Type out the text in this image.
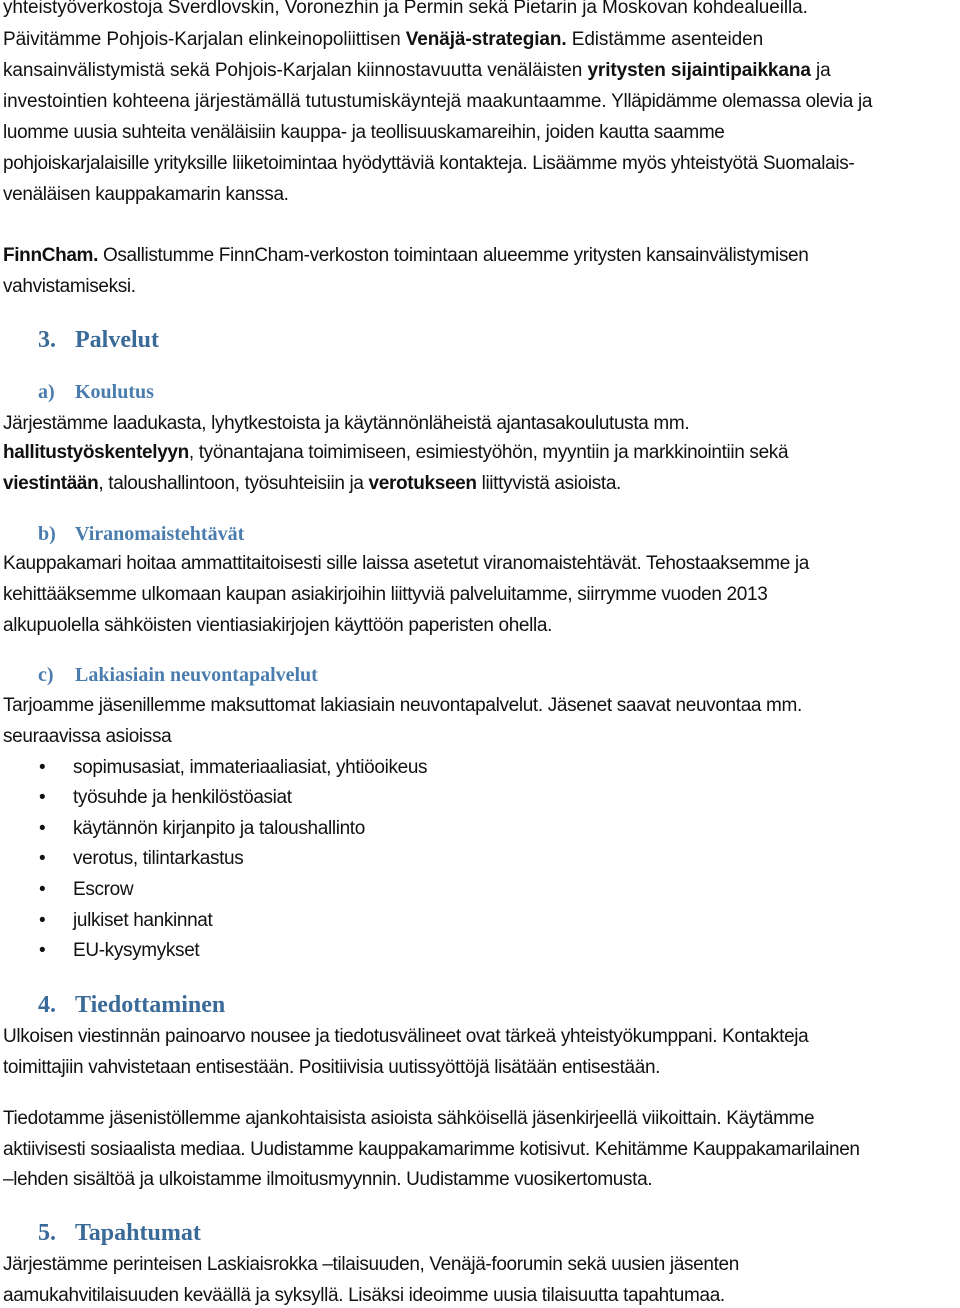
yhteistyöverkostoja Sverdlovskin, Voronezhin ja Permin sekä Pietarin ja Moskovan kohdealueilla.
Päivitämme Pohjois-Karjalan elinkeinopoliittisen Venäjä-strategian. Edistämme asenteiden
kansainvälistymistä sekä Pohjois-Karjalan kiinnostavuutta venäläisten yritysten sijaintipaikkana ja
investointien kohteena järjestämällä tutustumiskäyntejä maakuntaamme. Ylläpidämme olemassa olevia ja
luomme uusia suhteita venäläisiin kauppa- ja teollisuuskamareihin, joiden kautta saamme
pohjoiskarjalaisille yrityksille liiketoimintaa hyödyttäviä kontakteja. Lisäämme myös yhteistyötä Suomalais-
venäläisen kauppakamarin kanssa.
FinnCham. Osallistumme FinnCham-verkoston toimintaan alueemme yritysten kansainvälistymisen
vahvistamiseksi.
3. Palvelut
a) Koulutus
Järjestämme laadukasta, lyhytkestoista ja käytännönläheistä ajantasakoulutusta mm.
hallitustyöskentelyyn, työnantajana toimimiseen, esimiestyöhön, myyntiin ja markkinointiin sekä
viestintään, taloushallintoon, työsuhteisiin ja verotukseen liittyvistä asioista.
b) Viranomaistehtävät
Kauppakamari hoitaa ammattitaitoisesti sille laissa asetetut viranomaistehtävät. Tehostaaksemme ja
kehittääksemme ulkomaan kaupan asiakirjoihin liittyviä palveluitamme, siirrymme vuoden 2013
alkupuolella sähköisten vientiasiakirjojen käyttöön paperisten ohella.
c) Lakiasiain neuvontapalvelut
Tarjoamme jäsenillemme maksuttomat lakiasiain neuvontapalvelut. Jäsenet saavat neuvontaa mm.
seuraavissa asioissa
• sopimusasiat, immateriaaliasiat, yhtiöoikeus
• työsuhde ja henkilöstöasiat
• käytännön kirjanpito ja taloushallinto
• verotus, tilintarkastus
• Escrow
• julkiset hankinnat
• EU-kysymykset
4. Tiedottaminen
Ulkoisen viestinnän painoarvo nousee ja tiedotusvälineet ovat tärkeä yhteistyökumppani. Kontakteja
toimittajiin vahvistetaan entisestään. Positiivisia uutissyöttöjä lisätään entisestään.
Tiedotamme jäsenistöllemme ajankohtaisista asioista sähköisellä jäsenkirjeellä viikoittain. Käytämme
aktiivisesti sosiaalista mediaa. Uudistamme kauppakamarimme kotisivut. Kehitämme Kauppakamarilainen
–lehden sisältöä ja ulkoistamme ilmoitusmyynnin. Uudistamme vuosikertomusta.
5. Tapahtumat
Järjestämme perinteisen Laskiaisrokka –tilaisuuden, Venäjä-foorumin sekä uusien jäsenten
aamukahvitilaisuuden keväällä ja syksyllä. Lisäksi ideoimme uusia tilaisuutta tapahtumaa.
